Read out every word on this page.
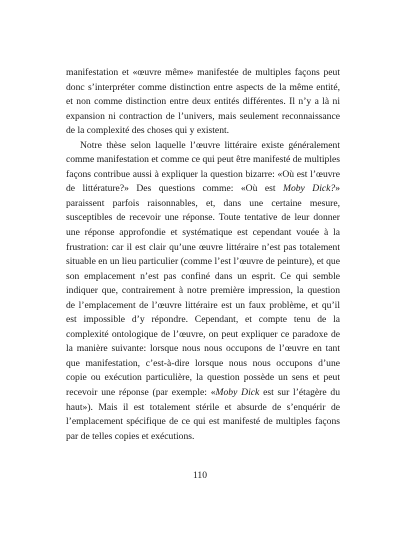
manifestation et «œuvre même» manifestée de multiples façons peut donc s’interpréter comme distinction entre aspects de la même entité, et non comme distinction entre deux entités différentes. Il n’y a là ni expansion ni contraction de l’univers, mais seulement reconnaissance de la complexité des choses qui y existent.

Notre thèse selon laquelle l’œuvre littéraire existe généralement comme manifestation et comme ce qui peut être manifesté de multiples façons contribue aussi à expliquer la question bizarre: «Où est l’œuvre de littérature?» Des questions comme: «Où est Moby Dick?» paraissent parfois raisonnables, et, dans une certaine mesure, susceptibles de recevoir une réponse. Toute tentative de leur donner une réponse approfondie et systématique est cependant vouée à la frustration: car il est clair qu’une œuvre littéraire n’est pas totalement situable en un lieu particulier (comme l’est l’œuvre de peinture), et que son emplacement n’est pas confiné dans un esprit. Ce qui semble indiquer que, contrairement à notre première impression, la question de l’emplacement de l’œuvre littéraire est un faux problème, et qu’il est impossible d’y répondre. Cependant, et compte tenu de la complexité ontologique de l’œuvre, on peut expliquer ce paradoxe de la manière suivante: lorsque nous nous occupons de l’œuvre en tant que manifestation, c’est-à-dire lorsque nous nous occupons d’une copie ou exécution particulière, la question possède un sens et peut recevoir une réponse (par exemple: «Moby Dick est sur l’étagère du haut»). Mais il est totalement stérile et absurde de s’enquérir de l’emplacement spécifique de ce qui est manifesté de multiples façons par de telles copies et exécutions.

110
